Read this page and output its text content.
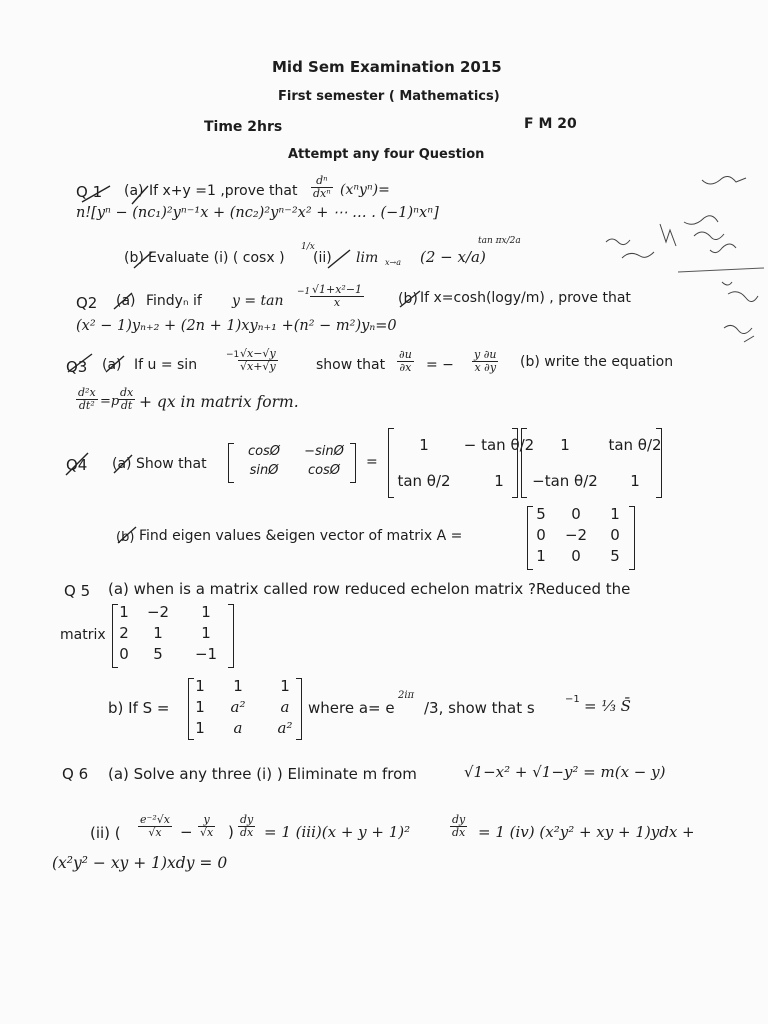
Mid Sem Examination 2015
First semester ( Mathematics)
Time 2hrs	F M 20
Attempt any four Question
Q 1 (a) If x+y =1 ,prove that $\frac{\text{dⁿ}}{\text{dxⁿ}} (x^ny^n)=$
n![yⁿ − (nc₁)²yⁿ⁻¹x + (nc₂)²yⁿ⁻²x² + ⋯ … . (−1)ⁿxⁿ]
(b) Evaluate (i) ( cosx )
1/x
(ii) lim x→a (2 − x/a)
tan πx/2a
Q2 (a) Findyₙ if y = tan
$-1 \frac{\text{√1+x²−1}}{x} (b)$ If x=cosh(logy/m) , prove that
(x² − 1)yₙ₊₂ + (2n + 1)xyₙ₊₁ +(n² − m²)yₙ=0
Q3 (a) If u = sin
−1
$\frac{√x-√y}{√x+√y}$	show that $\frac{\partial u}{\partial x}$ = − $\frac{y \partial u}{x \partial y} (b)$ write the equation
$\frac{\text{d²x}}{\text{dt²}} =p$
$\frac{dx}{dt}$ + qx in matrix form.
Q4 (a) Show that
cosØ	−sinØ
sinØ	cosØ
=
1	− tan θ/2
tan θ/2	1
1	tan θ/2
−tan θ/2	1
(b) Find eigen values &eigen vector of matrix A =
5	0	1
0	−2	0
1	0	5
Q 5 (a) when is a matrix called row reduced echelon matrix ?Reduced the
matrix
1	−2	1
2	1	1
0	5	−1
b) If S =
1	1	1
1	a²	a
1	a	a²
where a= e
2iπ
/3, show that s	−1 = ⅓ S̄
Q 6 (a) Solve any three (i) ) Eliminate m from	√1−x² + √1−y² = m(x − y)
(ii) ( $\frac{\text{e⁻²√x}}{√x} - \frac{y}{√x}$ ) $\frac{dy}{dx} = 1$ (iii)(x + y + 1)²	$\frac{dy}{dx} = 1$ (iv) (x²y² + xy + 1)ydx +
(x²y² − xy + 1)xdy = 0
